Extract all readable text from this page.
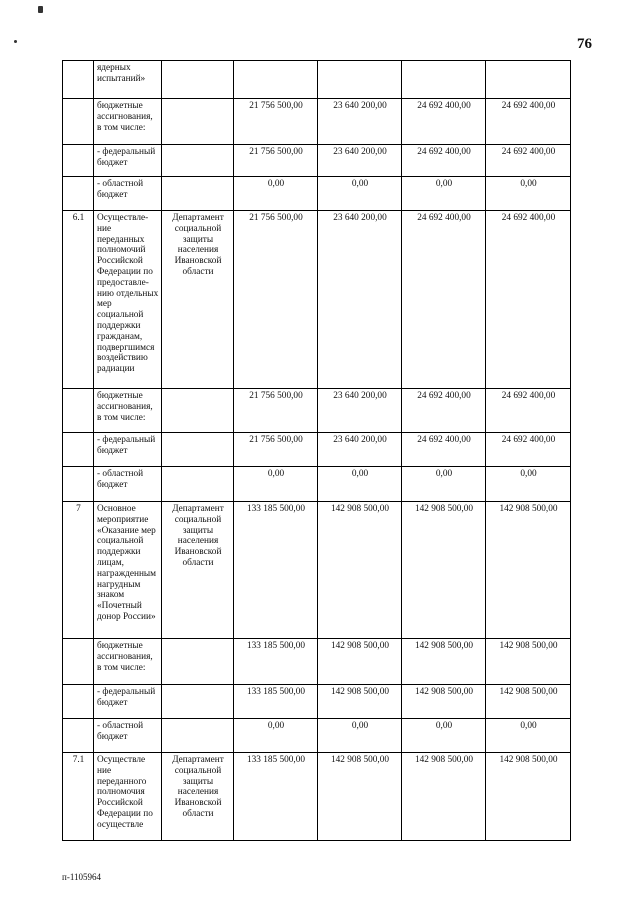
76
	ядерных испытаний»					
	бюджетные ассигнования, в том числе:		21 756 500,00	23 640 200,00	24 692 400,00	24 692 400,00
	- федеральный бюджет		21 756 500,00	23 640 200,00	24 692 400,00	24 692 400,00
	- областной бюджет		0,00	0,00	0,00	0,00
6.1	Осуществле-ние переданных полномочий Российской Федерации по предоставле-нию отдельных мер социальной поддержки гражданам, подвергшимся воздействию радиации	Департамент социальной защиты населения Ивановской области	21 756 500,00	23 640 200,00	24 692 400,00	24 692 400,00
	бюджетные ассигнования, в том числе:		21 756 500,00	23 640 200,00	24 692 400,00	24 692 400,00
	- федеральный бюджет		21 756 500,00	23 640 200,00	24 692 400,00	24 692 400,00
	- областной бюджет		0,00	0,00	0,00	0,00
7	Основное мероприятие «Оказание мер социальной поддержки лицам, награжденным нагрудным знаком «Почетный донор России»	Департамент социальной защиты населения Ивановской области	133 185 500,00	142 908 500,00	142 908 500,00	142 908 500,00
	бюджетные ассигнования, в том числе:		133 185 500,00	142 908 500,00	142 908 500,00	142 908 500,00
	- федеральный бюджет		133 185 500,00	142 908 500,00	142 908 500,00	142 908 500,00
	- областной бюджет		0,00	0,00	0,00	0,00
7.1	Осуществле ние переданного полномочия Российской Федерации по осуществле	Департамент социальной защиты населения Ивановской области	133 185 500,00	142 908 500,00	142 908 500,00	142 908 500,00
п-1105964
